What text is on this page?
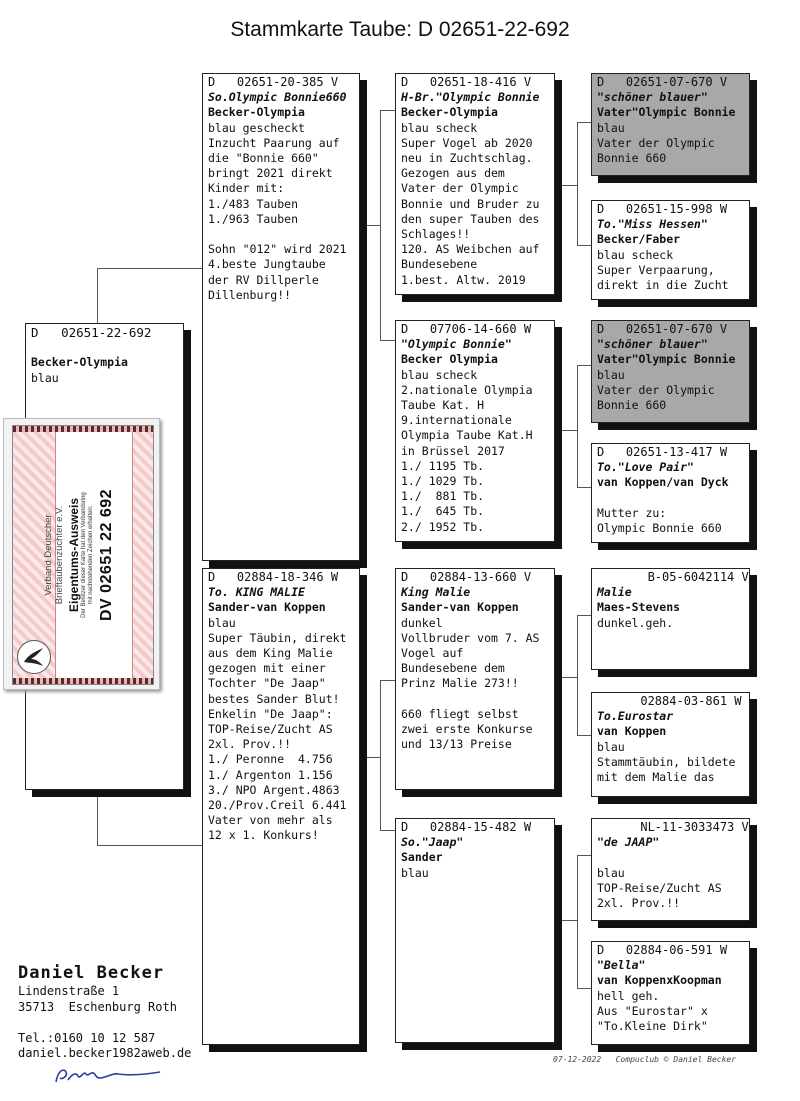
Stammkarte Taube: D 02651-22-692
D   02651-22-692
Becker-Olympia
blau
D   02651-20-385 V
So.Olympic Bonnie660
Becker-Olympia
blau gescheckt
Inzucht Paarung auf
die "Bonnie 660"
bringt 2021 direkt
Kinder mit:
1./483 Tauben
1./963 Tauben
Sohn "012" wird 2021
4.beste Jungtaube
der RV Dillperle
Dillenburg!!
D   02884-18-346 W
To. KING MALIE
Sander-van Koppen
blau
Super Täubin, direkt
aus dem King Malie
gezogen mit einer
Tochter "De Jaap"
bestes Sander Blut!
Enkelin "De Jaap":
TOP-Reise/Zucht AS
2xl. Prov.!!
1./ Peronne  4.756
1./ Argenton 1.156
3./ NPO Argent.4863
20./Prov.Creil 6.441
Vater von mehr als
12 x 1. Konkurs!
D   02651-18-416 V
H-Br."Olympic Bonnie
Becker-Olympia
blau scheck
Super Vogel ab 2020
neu in Zuchtschlag.
Gezogen aus dem
Vater der Olympic
Bonnie und Bruder zu
den super Tauben des
Schlages!!
120. AS Weibchen auf
Bundesebene
1.best. Altw. 2019
D   07706-14-660 W
"Olympic Bonnie"
Becker Olympia
blau scheck
2.nationale Olympia
Taube Kat. H
9.internationale
Olympia Taube Kat.H
in Brüssel 2017
1./ 1195 Tb.
1./ 1029 Tb.
1./  881 Tb.
1./  645 Tb.
2./ 1952 Tb.
D   02884-13-660 V
King Malie
Sander-van Koppen
dunkel
Vollbruder vom 7. AS
Vogel auf
Bundesebene dem
Prinz Malie 273!!
660 fliegt selbst
zwei erste Konkurse
und 13/13 Preise
D   02884-15-482 W
So."Jaap"
Sander
blau
D   02651-07-670 V
"schöner blauer"
Vater"Olympic Bonnie
blau
Vater der Olympic
Bonnie 660
D   02651-15-998 W
To."Miss Hessen"
Becker/Faber
blau scheck
Super Verpaarung,
direkt in die Zucht
D   02651-07-670 V
"schöner blauer"
Vater"Olympic Bonnie
blau
Vater der Olympic
Bonnie 660
D   02651-13-417 W
To."Love Pair"
van Koppen/van Dyck
Mutter zu:
Olympic Bonnie 660
B-05-6042114 V
Malie
Maes-Stevens
dunkel.geh.
02884-03-861 W
To.Eurostar
van Koppen
blau
Stammtäubin, bildete
mit dem Malie das
NL-11-3033473 V
"de JAAP"
blau
TOP-Reise/Zucht AS
2xl. Prov.!!
D   02884-06-591 W
"Bella"
van KoppenxKoopman
hell geh.
Aus "Eurostar" x
"To.Kleine Dirk"
Verband Deutscher Brieftaubenzüchter e.V. Eigentums-Ausweis Der Besitzer dieser Karte hat den Verbandsring mit nachstehenden Zeichen erhalten: DV 02651 22 692
Daniel Becker
Lindenstraße 1
35713  Eschenburg Roth

Tel.:0160 10 12 587
daniel.becker1982aweb.de	07-12-2022   Compuclub © Daniel Becker
